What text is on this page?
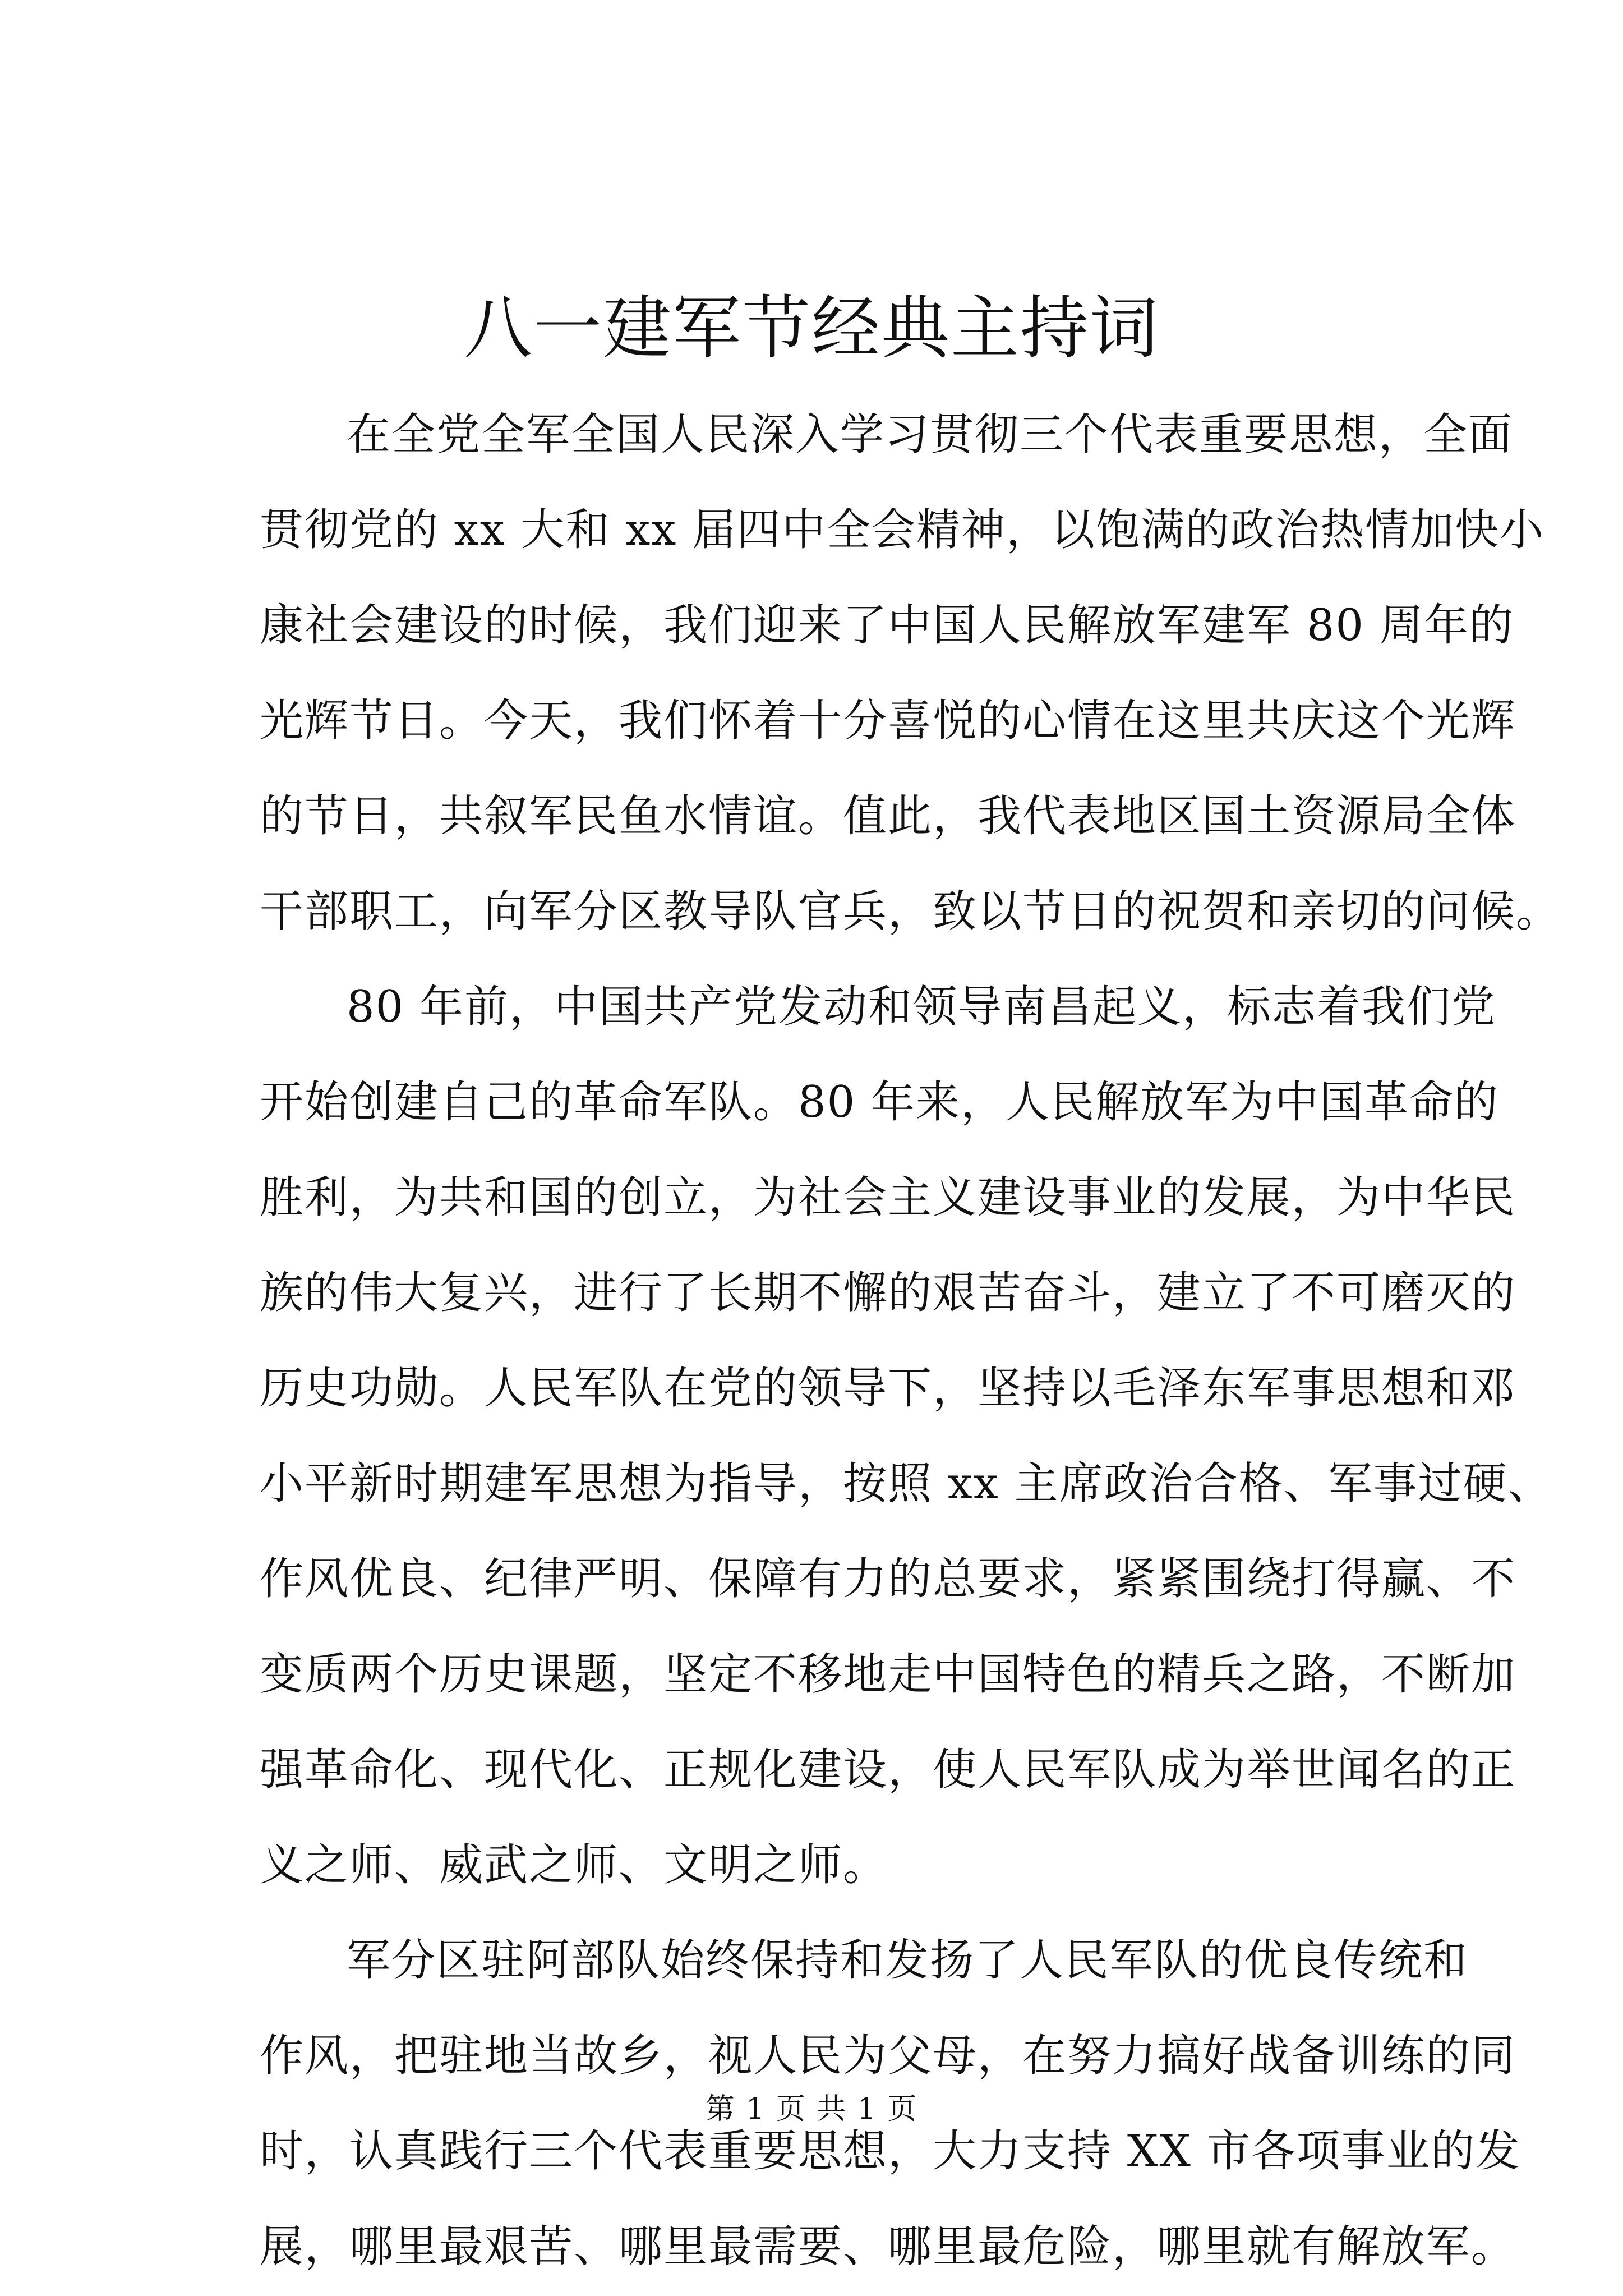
八一建军节经典主持词
在全党全军全国人民深入学习贯彻三个代表重要思想，全面
贯彻党的 xx 大和 xx 届四中全会精神，以饱满的政治热情加快小
康社会建设的时候，我们迎来了中国人民解放军建军 80 周年的
光辉节日。今天，我们怀着十分喜悦的心情在这里共庆这个光辉
的节日，共叙军民鱼水情谊。值此，我代表地区国土资源局全体
干部职工，向军分区教导队官兵，致以节日的祝贺和亲切的问候。
80 年前，中国共产党发动和领导南昌起义，标志着我们党
开始创建自己的革命军队。80 年来，人民解放军为中国革命的
胜利，为共和国的创立，为社会主义建设事业的发展，为中华民
族的伟大复兴，进行了长期不懈的艰苦奋斗，建立了不可磨灭的
历史功勋。人民军队在党的领导下，坚持以毛泽东军事思想和邓
小平新时期建军思想为指导，按照 xx 主席政治合格、军事过硬、
作风优良、纪律严明、保障有力的总要求，紧紧围绕打得赢、不
变质两个历史课题，坚定不移地走中国特色的精兵之路，不断加
强革命化、现代化、正规化建设，使人民军队成为举世闻名的正
义之师、威武之师、文明之师。
军分区驻阿部队始终保持和发扬了人民军队的优良传统和
作风，把驻地当故乡，视人民为父母，在努力搞好战备训练的同
时，认真践行三个代表重要思想，大力支持 XX 市各项事业的发
展，哪里最艰苦、哪里最需要、哪里最危险，哪里就有解放军。
第 1 页 共 1 页
